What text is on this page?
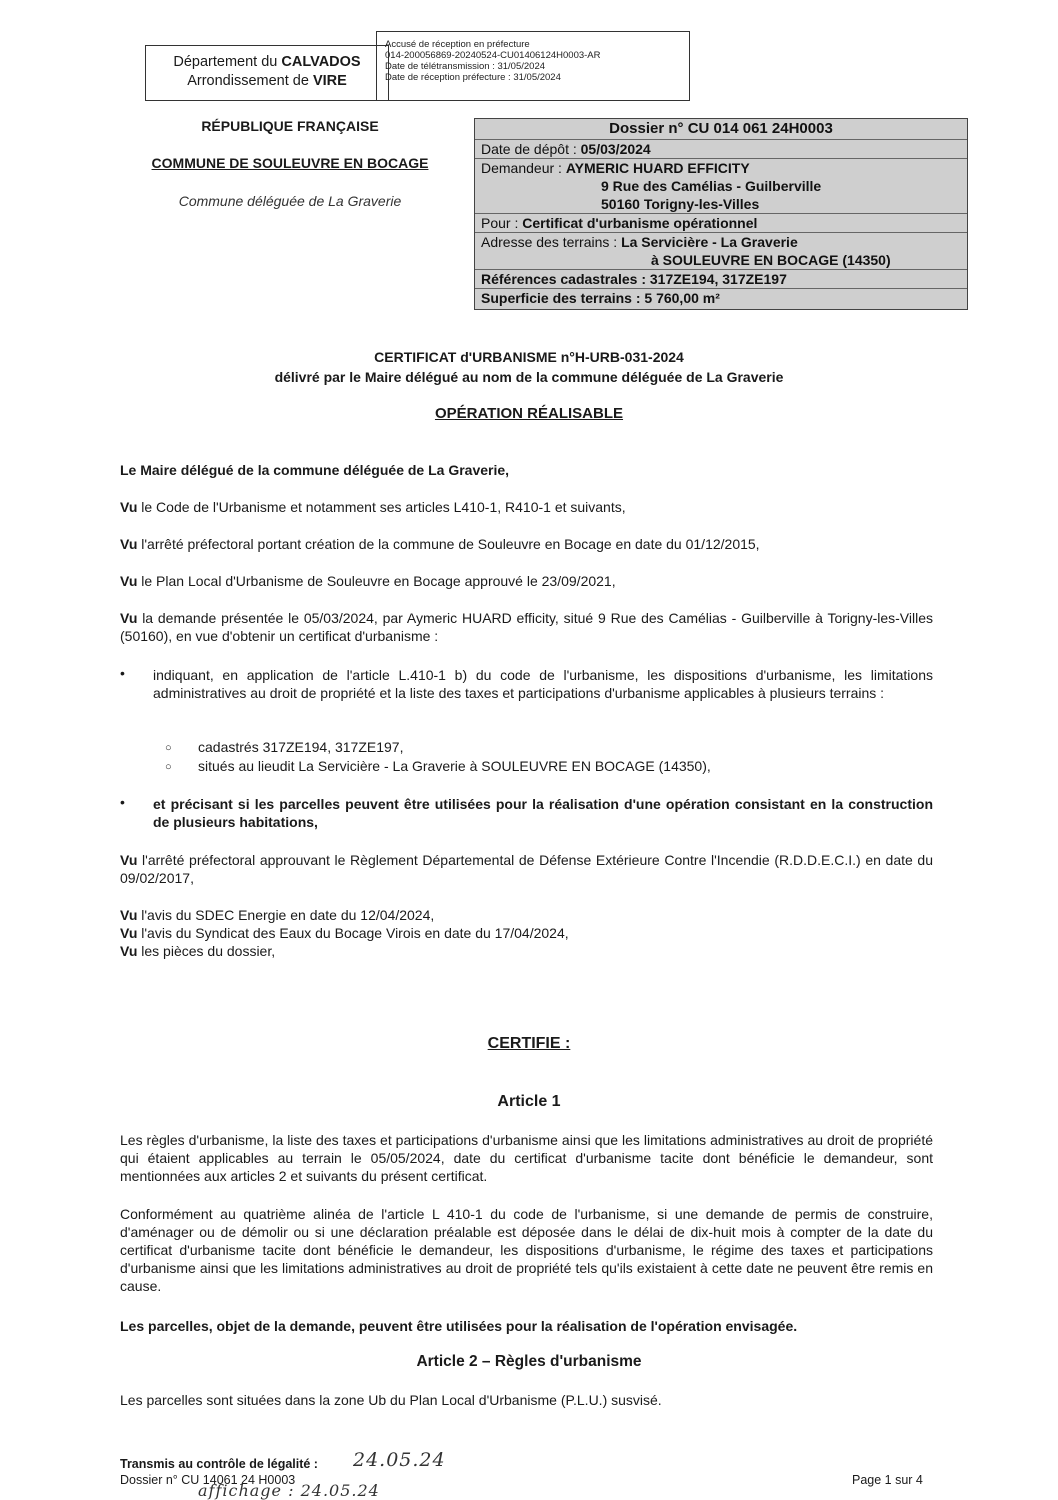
Département du CALVADOS
Arrondissement de VIRE
Accusé de réception en préfecture
014-200056869-20240524-CU01406124H0003-AR
Date de télétransmission : 31/05/2024
Date de réception préfecture : 31/05/2024
RÉPUBLIQUE FRANÇAISE
COMMUNE DE SOULEUVRE EN BOCAGE
Commune déléguée de La Graverie
Dossier n° CU 014 061 24H0003
Date de dépôt : 05/03/2024
Demandeur : AYMERIC HUARD EFFICITY
9 Rue des Camélias - Guilberville
50160 Torigny-les-Villes
Pour : Certificat d'urbanisme opérationnel
Adresse des terrains : La Servicière - La Graverie
à SOULEUVRE EN BOCAGE (14350)
Références cadastrales : 317ZE194, 317ZE197
Superficie des terrains : 5 760,00 m²
CERTIFICAT d'URBANISME n°H-URB-031-2024
délivré par le Maire délégué au nom de la commune déléguée de La Graverie
OPÉRATION RÉALISABLE
Le Maire délégué de la commune déléguée de La Graverie,
Vu le Code de l'Urbanisme et notamment ses articles L410-1, R410-1 et suivants,
Vu l'arrêté préfectoral portant création de la commune de Souleuvre en Bocage en date du 01/12/2015,
Vu le Plan Local d'Urbanisme de Souleuvre en Bocage approuvé le 23/09/2021,
Vu la demande présentée le 05/03/2024, par Aymeric HUARD efficity, situé 9 Rue des Camélias - Guilberville à Torigny-les-Villes (50160), en vue d'obtenir un certificat d'urbanisme :
• indiquant, en application de l'article L.410-1 b) du code de l'urbanisme, les dispositions d'urbanisme, les limitations administratives au droit de propriété et la liste des taxes et participations d'urbanisme applicables à plusieurs terrains :
○ cadastrés 317ZE194, 317ZE197,
○ situés au lieudit La Servicière - La Graverie à SOULEUVRE EN BOCAGE (14350),
• et précisant si les parcelles peuvent être utilisées pour la réalisation d'une opération consistant en la construction de plusieurs habitations,
Vu l'arrêté préfectoral approuvant le Règlement Départemental de Défense Extérieure Contre l'Incendie (R.D.D.E.C.I.) en date du 09/02/2017,
Vu l'avis du SDEC Energie en date du 12/04/2024,
Vu l'avis du Syndicat des Eaux du Bocage Virois en date du 17/04/2024,
Vu les pièces du dossier,
CERTIFIE :
Article 1
Les règles d'urbanisme, la liste des taxes et participations d'urbanisme ainsi que les limitations administratives au droit de propriété qui étaient applicables au terrain le 05/05/2024, date du certificat d'urbanisme tacite dont bénéficie le demandeur, sont mentionnées aux articles 2 et suivants du présent certificat.
Conformément au quatrième alinéa de l'article L 410-1 du code de l'urbanisme, si une demande de permis de construire, d'aménager ou de démolir ou si une déclaration préalable est déposée dans le délai de dix-huit mois à compter de la date du certificat d'urbanisme tacite dont bénéficie le demandeur, les dispositions d'urbanisme, le régime des taxes et participations d'urbanisme ainsi que les limitations administratives au droit de propriété tels qu'ils existaient à cette date ne peuvent être remis en cause.
Les parcelles, objet de la demande, peuvent être utilisées pour la réalisation de l'opération envisagée.
Article 2 – Règles d'urbanisme
Les parcelles sont situées dans la zone Ub du Plan Local d'Urbanisme (P.L.U.) susvisé.
Transmis au contrôle de légalité : 24.05.24
Dossier n° CU 14061 24 H0003
affichage : 24.05.24
Page 1 sur 4
